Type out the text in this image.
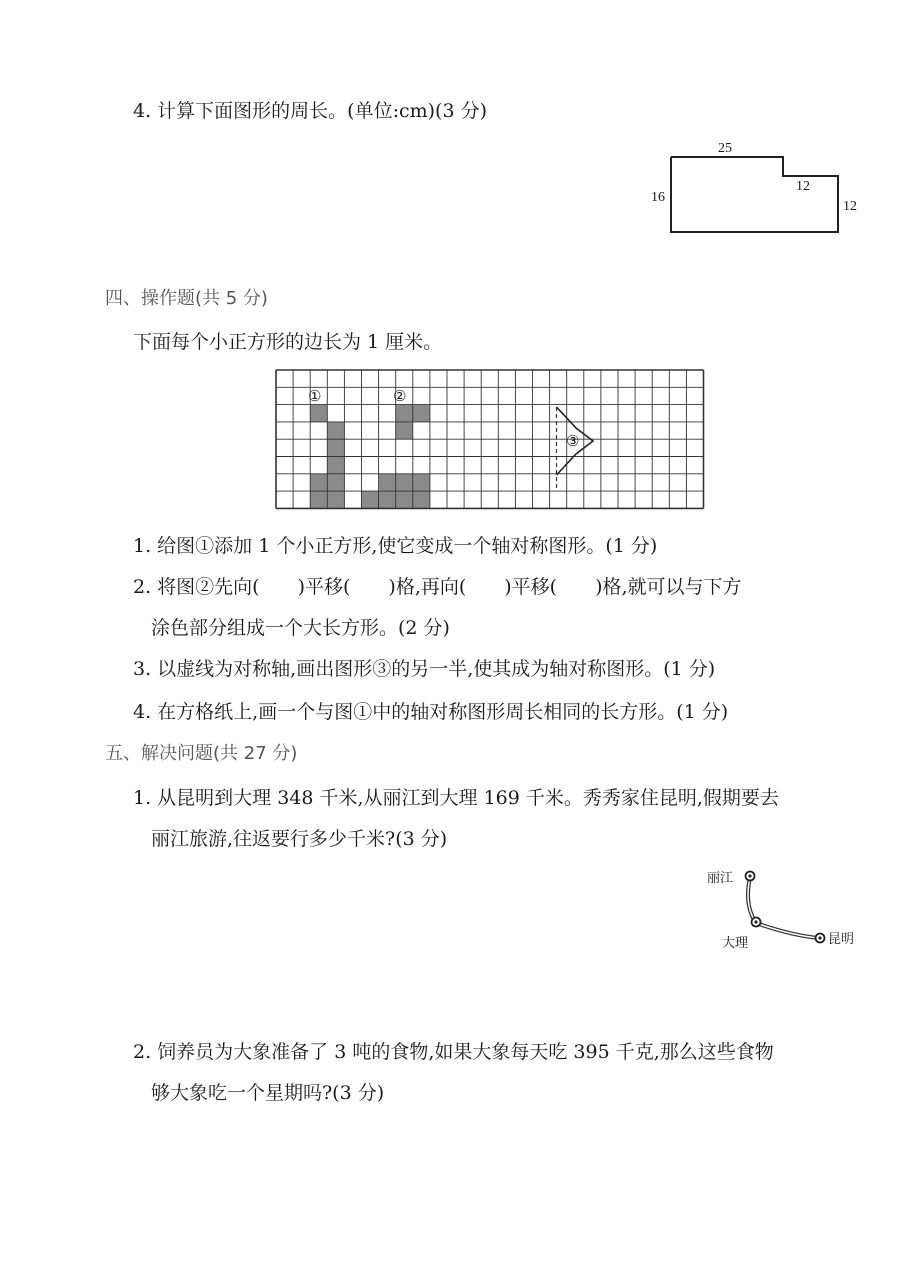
4. 计算下面图形的周长。(单位:cm)(3 分)
25
16
12
12
四、操作题(共 5 分)
下面每个小正方形的边长为 1 厘米。
①	②
③
1. 给图①添加 1 个小正方形,使它变成一个轴对称图形。(1 分)
2. 将图②先向(　　)平移(　　)格,再向(　　)平移(　　)格,就可以与下方
涂色部分组成一个大长方形。(2 分)
3. 以虚线为对称轴,画出图形③的另一半,使其成为轴对称图形。(1 分)
4. 在方格纸上,画一个与图①中的轴对称图形周长相同的长方形。(1 分)
五、解决问题(共 27 分)
1. 从昆明到大理 348 千米,从丽江到大理 169 千米。秀秀家住昆明,假期要去
丽江旅游,往返要行多少千米?(3 分)
丽江
大理	昆明
2. 饲养员为大象准备了 3 吨的食物,如果大象每天吃 395 千克,那么这些食物
够大象吃一个星期吗?(3 分)
